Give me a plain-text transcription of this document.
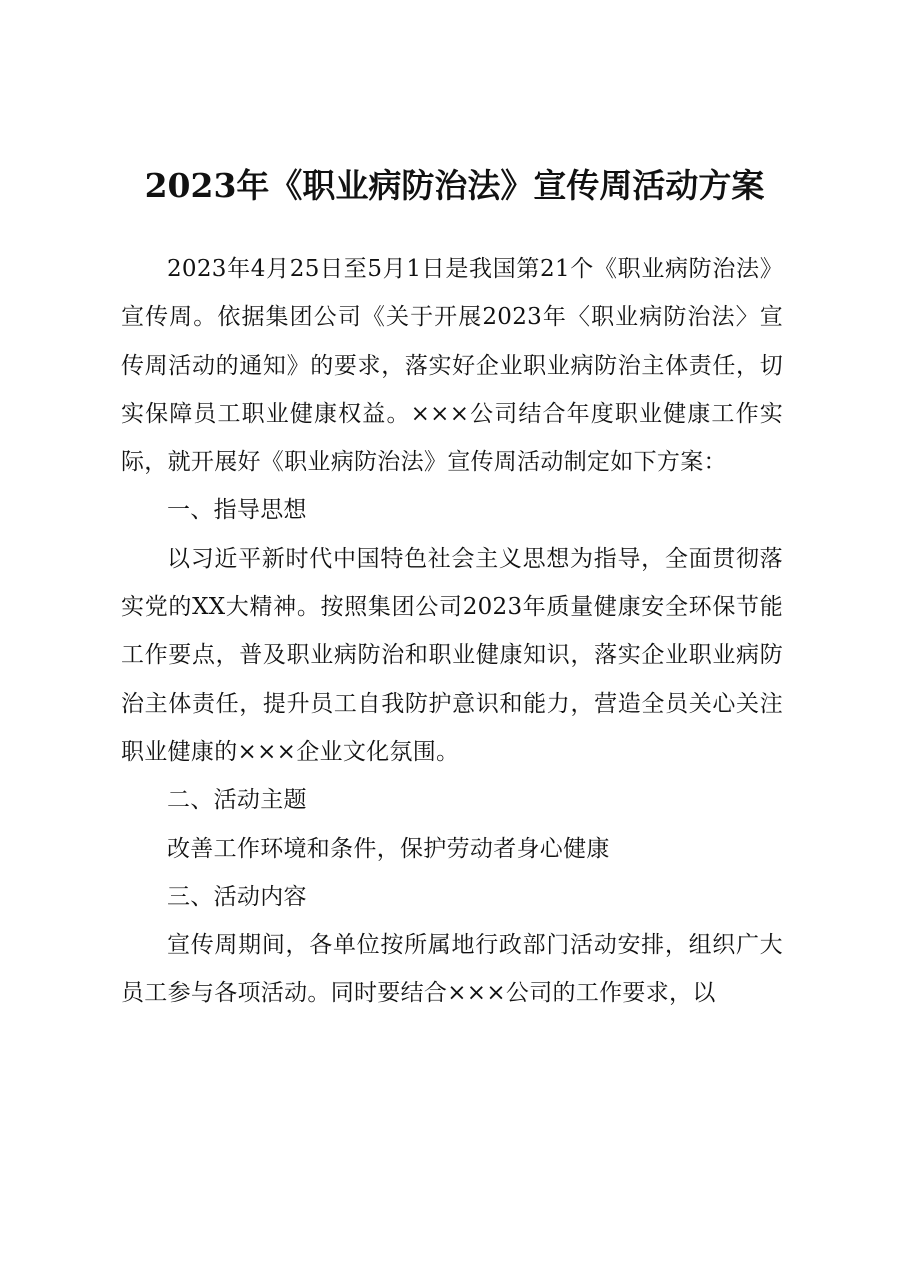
2023年《职业病防治法》宣传周活动方案

2023年4月25日至5月1日是我国第21个《职业病防治法》宣传周。依据集团公司《关于开展2023年〈职业病防治法〉宣传周活动的通知》的要求，落实好企业职业病防治主体责任，切实保障员工职业健康权益。×××公司结合年度职业健康工作实际，就开展好《职业病防治法》宣传周活动制定如下方案：

一、指导思想

以习近平新时代中国特色社会主义思想为指导，全面贯彻落实党的XX大精神。按照集团公司2023年质量健康安全环保节能工作要点，普及职业病防治和职业健康知识，落实企业职业病防治主体责任，提升员工自我防护意识和能力，营造全员关心关注职业健康的×××企业文化氛围。

二、活动主题

改善工作环境和条件，保护劳动者身心健康

三、活动内容

宣传周期间，各单位按所属地行政部门活动安排，组织广大员工参与各项活动。同时要结合×××公司的工作要求，以
